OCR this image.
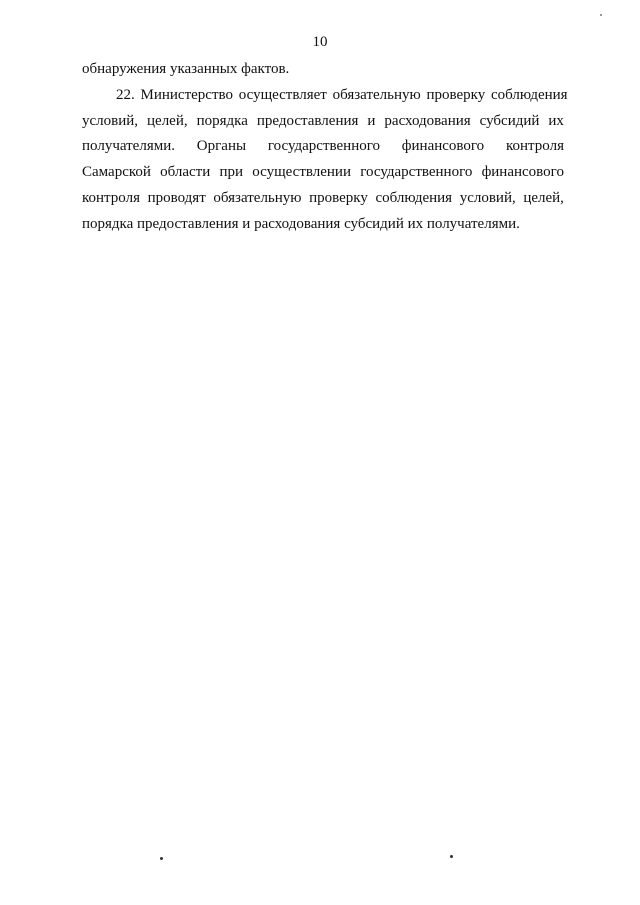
10
обнаружения указанных фактов.
22. Министерство осуществляет обязательную проверку соблюдения
условий, целей, порядка предоставления и расходования субсидий их
получателями. Органы государственного финансового контроля
Самарской области при осуществлении государственного финансового
контроля проводят обязательную проверку соблюдения условий, целей,
порядка предоставления и расходования субсидий их получателями.
